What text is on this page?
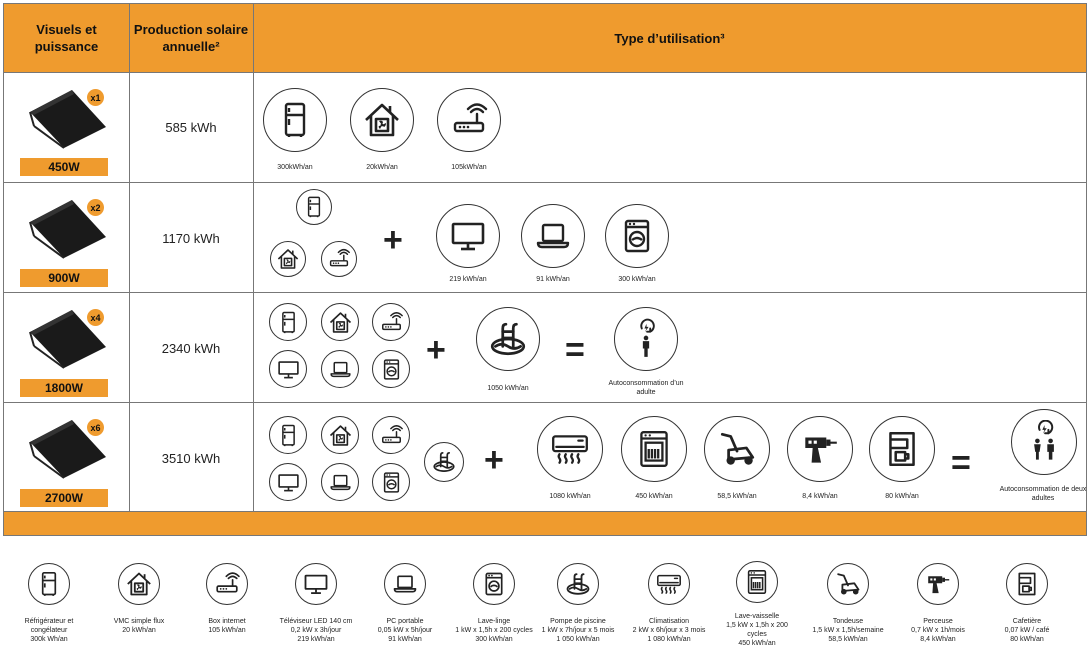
Visuels et puissance
Production solaire annuelle²
Type d’utilisation³
x1
450W
585 kWh
300kWh/an	20kWh/an	105kWh/an
x2
900W
1170 kWh	+
219 kWh/an	91 kWh/an	300 kWh/an
x4
1800W
2340 kWh	+
1050 kWh/an
=
Autoconsommation d’un adulte
x6
2700W
3510 kWh	+
1080 kWh/an	450 kWh/an	58,5 kWh/an	8,4 kWh/an	80 kWh/an
=
Autoconsommation de deux adultes
Réfrigérateur et
congélateur
300k Wh/an
VMC simple flux
20 kWh/an
Box internet
105 kWh/an
Téléviseur LED 140 cm
0,2 kW x 3h/jour
219 kWh/an
PC portable
0,05 kW x 5h/jour
91 kWh/an
Lave-linge
1 kW x 1,5h x 200 cycles
300 kWh/an
Pompe de piscine
1 kW x 7h/jour x 5 mois
1 050 kWh/an
Climatisation
2 kW x 6h/jour x 3 mois
1 080 kWh/an
Lave-vaisselle
1,5 kW x 1,5h x 200
cycles
450 kWh/an
Tondeuse
1,5 kW x 1,5h/semaine
58,5 kWh/an
Perceuse
0,7 kW x 1h/mois
8,4 kWh/an
Cafetière
0,07 kW / café
80 kWh/an
